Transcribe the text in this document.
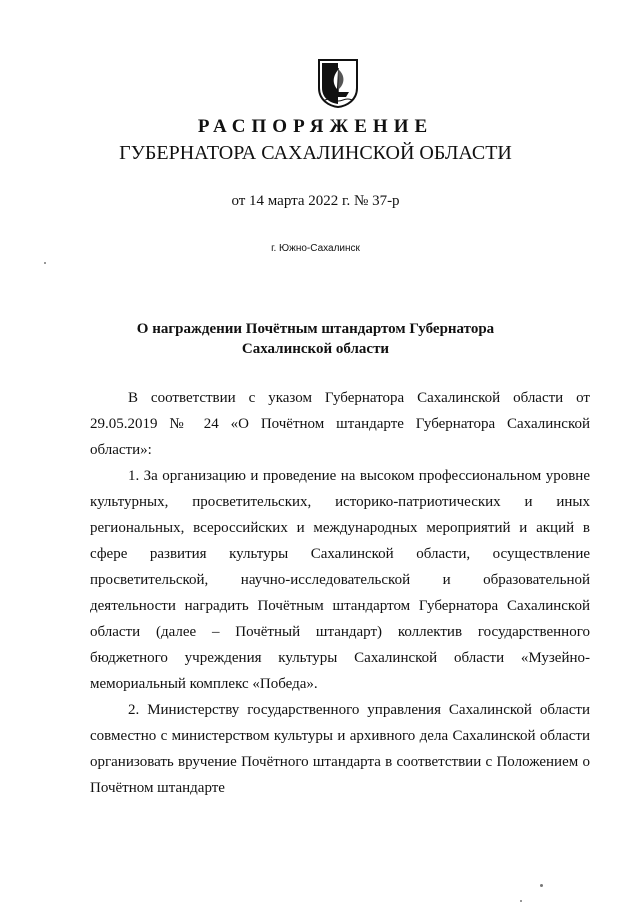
РАСПОРЯЖЕНИЕ
ГУБЕРНАТОРА САХАЛИНСКОЙ ОБЛАСТИ
от 14 марта 2022 г. № 37-р
г. Южно-Сахалинск
О награждении Почётным штандартом Губернатора
Сахалинской области

В соответствии с указом Губернатора Сахалинской области от 29.05.2019 № 24 «О Почётном штандарте Губернатора Сахалинской области»:

1. За организацию и проведение на высоком профессиональном уровне культурных, просветительских, историко-патриотических и иных региональных, всероссийских и международных мероприятий и акций в сфере развития культуры Сахалинской области, осуществление просветительской, научно-исследовательской и образовательной деятельности наградить Почётным штандартом Губернатора Сахалинской области (далее – Почётный штандарт) коллектив государственного бюджетного учреждения культуры Сахалинской области «Музейно-мемориальный комплекс «Победа».

2. Министерству государственного управления Сахалинской области совместно с министерством культуры и архивного дела Сахалинской области организовать вручение Почётного штандарта в соответствии с Положением о Почётном штандарте
